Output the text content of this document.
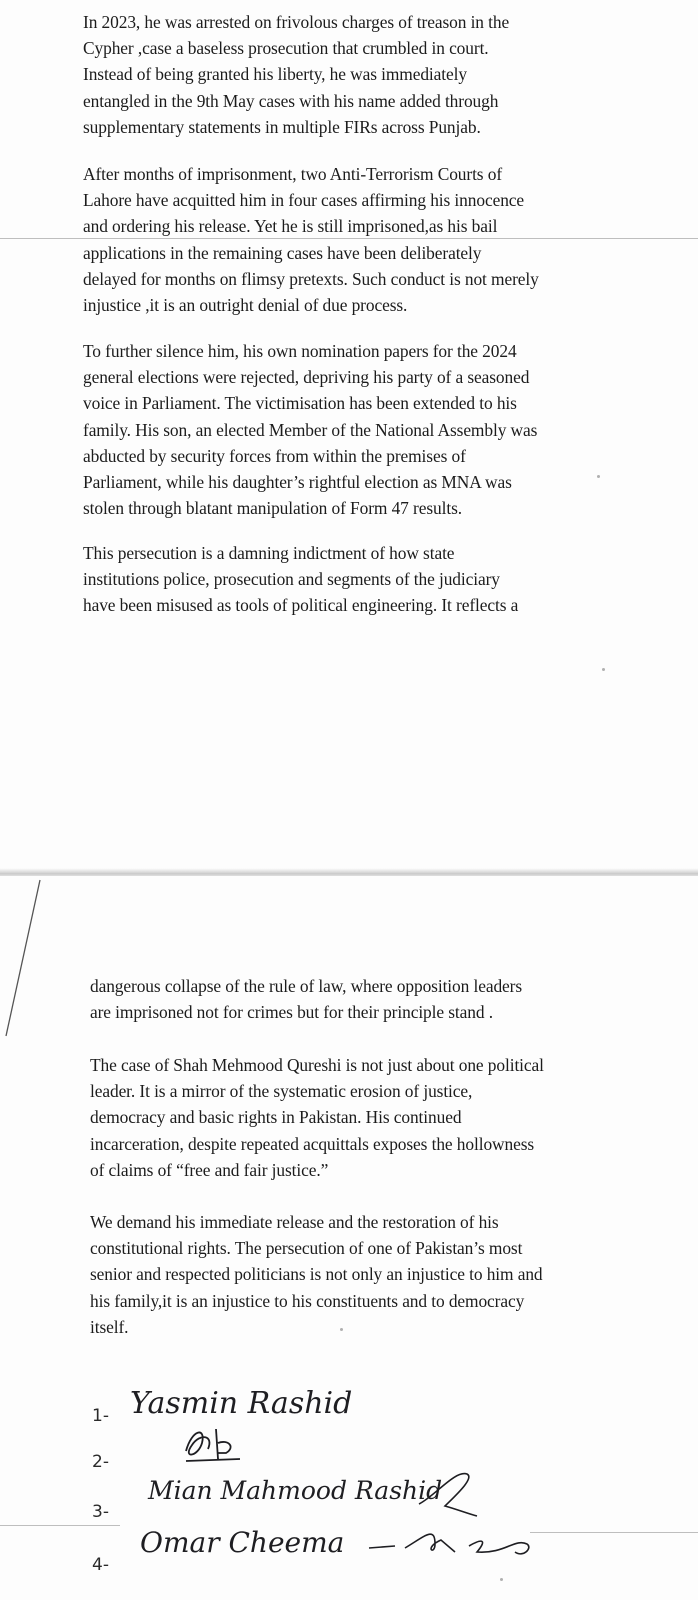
In 2023, he was arrested on frivolous charges of treason in the
Cypher ,case a baseless prosecution that crumbled in court.
Instead of being granted his liberty, he was immediately
entangled in the 9th May cases with his name added through
supplementary statements in multiple FIRs across Punjab.

After months of imprisonment, two Anti-Terrorism Courts of
Lahore have acquitted him in four cases affirming his innocence
and ordering his release. Yet he is still imprisoned,as his bail
applications in the remaining cases have been deliberately
delayed for months on flimsy pretexts. Such conduct is not merely
injustice ,it is an outright denial of due process.

To further silence him, his own nomination papers for the 2024
general elections were rejected, depriving his party of a seasoned
voice in Parliament. The victimisation has been extended to his
family. His son, an elected Member of the National Assembly was
abducted by security forces from within the premises of
Parliament, while his daughter’s rightful election as MNA was
stolen through blatant manipulation of Form 47 results.

This persecution is a damning indictment of how state
institutions police, prosecution and segments of the judiciary
have been misused as tools of political engineering. It reflects a

dangerous collapse of the rule of law, where opposition leaders
are imprisoned not for crimes but for their principle stand .

The case of Shah Mehmood Qureshi is not just about one political
leader. It is a mirror of the systematic erosion of justice,
democracy and basic rights in Pakistan. His continued
incarceration, despite repeated acquittals exposes the hollowness
of claims of “free and fair justice.”

We demand his immediate release and the restoration of his
constitutional rights. The persecution of one of Pakistan’s most
senior and respected politicians is not only an injustice to him and
his family,it is an injustice to his constituents and to democracy
itself.

1- Yasmin Rashid
2-
3-
Mian Mahmood Rashid
4-
Omar Cheema
